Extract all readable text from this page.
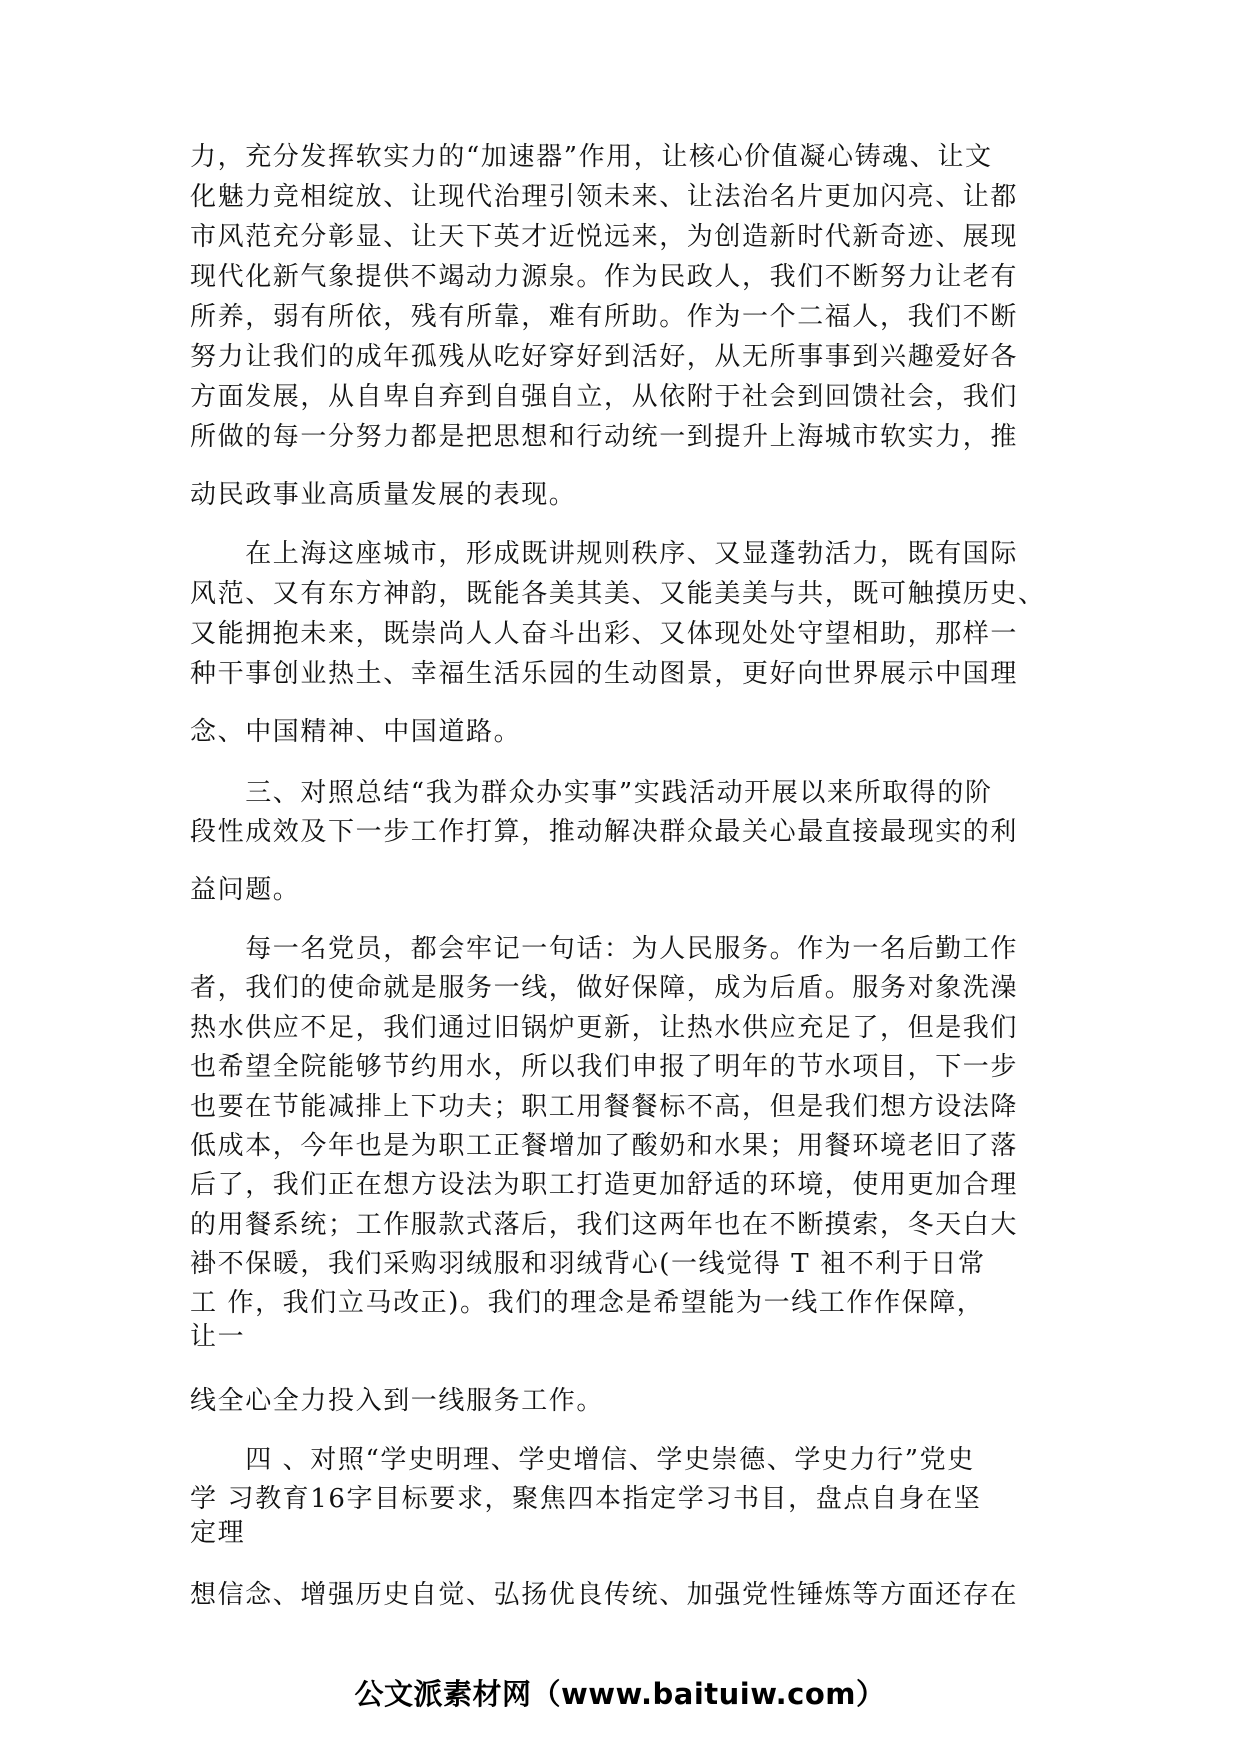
力，充分发挥软实力的“加速器”作用，让核心价值凝心铸魂、让文
化魅力竞相绽放、让现代治理引领未来、让法治名片更加闪亮、让都
市风范充分彰显、让天下英才近悦远来，为创造新时代新奇迹、展现
现代化新气象提供不竭动力源泉。作为民政人，我们不断努力让老有
所养，弱有所依，残有所靠，难有所助。作为一个二福人，我们不断
努力让我们的成年孤残从吃好穿好到活好，从无所事事到兴趣爱好各
方面发展，从自卑自弃到自强自立，从依附于社会到回馈社会，我们
所做的每一分努力都是把思想和行动统一到提升上海城市软实力，推
动民政事业高质量发展的表现。
　　在上海这座城市，形成既讲规则秩序、又显蓬勃活力，既有国际
风范、又有东方神韵，既能各美其美、又能美美与共，既可触摸历史、
又能拥抱未来，既崇尚人人奋斗出彩、又体现处处守望相助，那样一
种干事创业热土、幸福生活乐园的生动图景，更好向世界展示中国理
念、中国精神、中国道路。
　　三、对照总结“我为群众办实事”实践活动开展以来所取得的阶
段性成效及下一步工作打算，推动解决群众最关心最直接最现实的利
益问题。
　　每一名党员，都会牢记一句话：为人民服务。作为一名后勤工作
者，我们的使命就是服务一线，做好保障，成为后盾。服务对象洗澡
热水供应不足，我们通过旧锅炉更新，让热水供应充足了，但是我们
也希望全院能够节约用水，所以我们申报了明年的节水项目，下一步
也要在节能减排上下功夫；职工用餐餐标不高，但是我们想方设法降
低成本，今年也是为职工正餐增加了酸奶和水果；用餐环境老旧了落
后了，我们正在想方设法为职工打造更加舒适的环境，使用更加合理
的用餐系统；工作服款式落后，我们这两年也在不断摸索，冬天白大
褂不保暖，我们采购羽绒服和羽绒背心(一线觉得 T 袓不利于日常
工 作，我们立马改正)。我们的理念是希望能为一线工作作保障，
让一
线全心全力投入到一线服务工作。
　　四 、对照“学史明理、学史增信、学史崇德、学史力行”党史
学 习教育16字目标要求，聚焦四本指定学习书目，盘点自身在坚
定理
想信念、增强历史自觉、弘扬优良传统、加强党性锤炼等方面还存在
公文派素材网（www.baituiw.com）
